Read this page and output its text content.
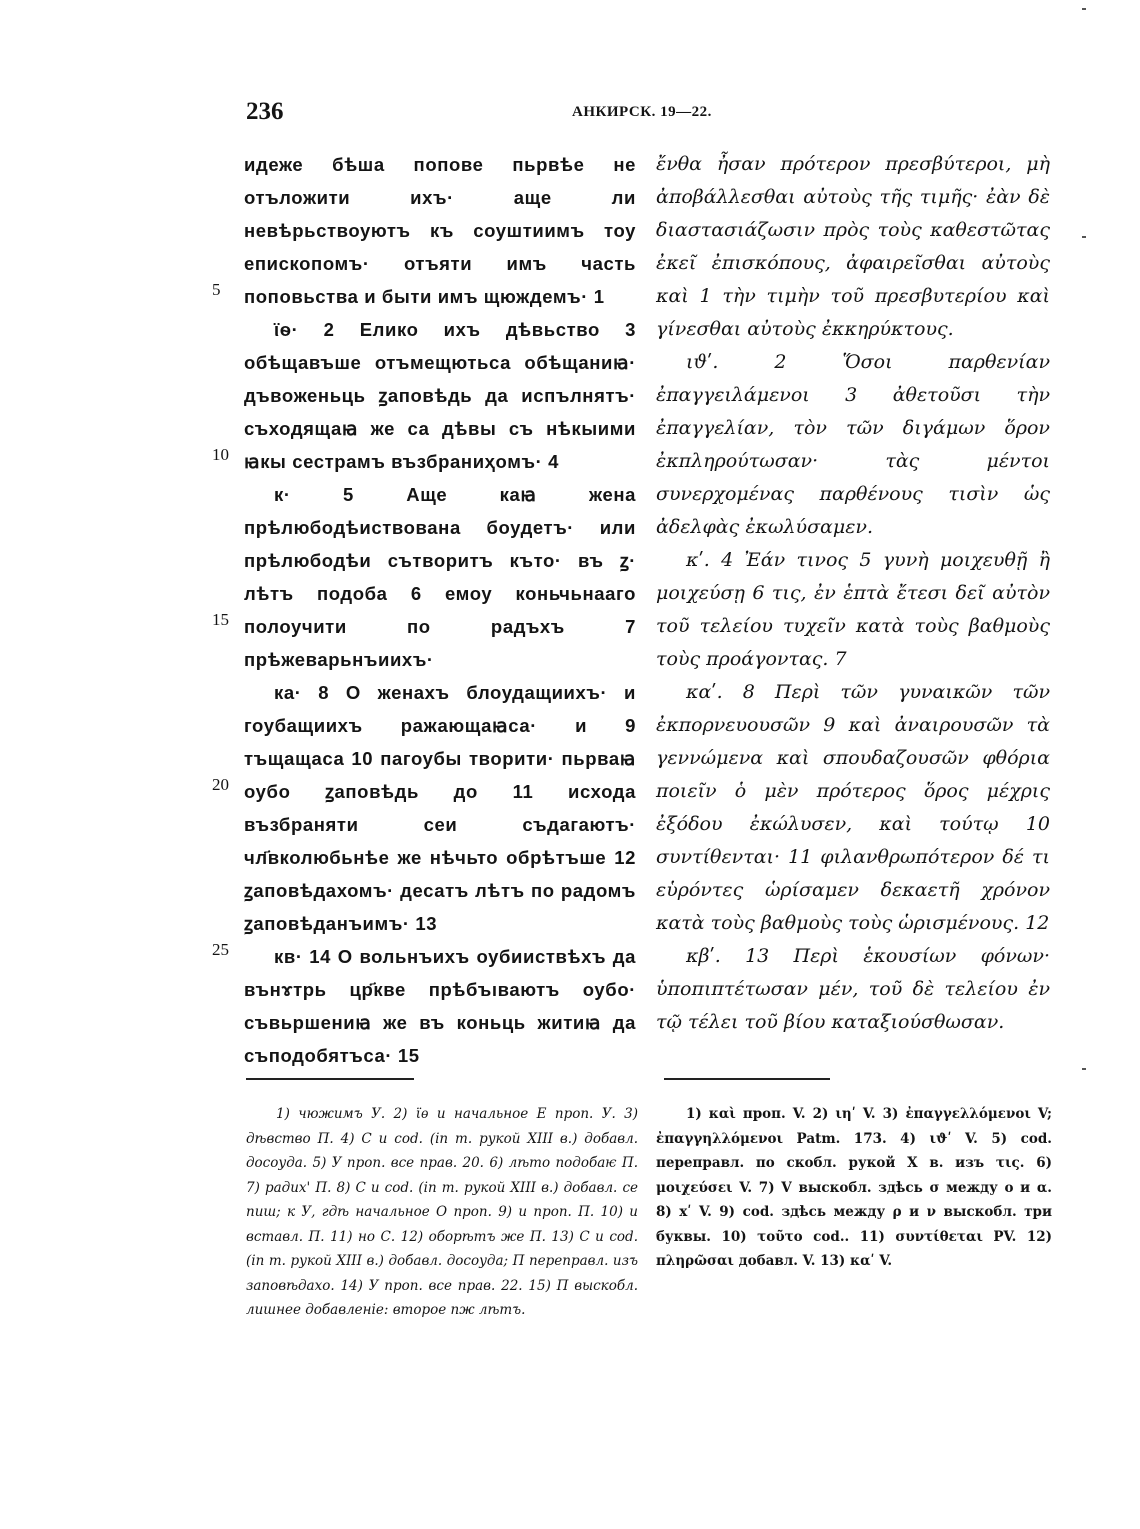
236	АНКИРСК. 19—22.
5
10
15
20
25

идеже бѣша попове пьрвѣе не отъложити ихъ· аще ли невѣрьствоуютъ къ соуштиимъ тоу епиcкопомъ· отъяти имъ часть поповьства и быти имъ щюждемъ· 1

ϊѳ· 2 Елико ихъ дѣвьство 3 обѣщавъше отъмещютьса обѣщаниꙗ· дъвоженьць ꙁаповѣдь да испълнятъ· съходящаꙗ же са дѣвы съ нѣкыими ꙗкы сестрамъ възбраниҳомъ· 4

к· 5 Аще каꙗ жена прѣлюбодѣиствована боудетъ· или прѣлюбодѣи сътворитъ къто· въ ꙁ· лѣтъ подоба 6 емоу коньчьнааго полоучити по радъхъ 7 прѣжеварьнъиихъ·

ка· 8 О женахъ блоудащиихъ· и гоубащиихъ ражающаꙗса· и 9 тъщащаса 10 пагоубы творити· пьрваꙗ оубо ꙁаповѣдь до 11 исхода възбраняти сеи съдагаютъ· чл҃вколюбьнѣе же нѣчьто обрѣтъше 12 ꙁаповѣдахомъ· десатъ лѣтъ по радомъ ꙁаповѣданъимъ· 13

кв· 14 О вольнъихъ оубииствѣхъ да вънɤтрь цр҃кве прѣбъıваютъ оубо· съвьршениꙗ же въ коньць житиꙗ да съподобятъса· 15

ἔνθα ἦσαν πρότερον πρεσβύτεροι, μὴ ἀποβάλλεσθαι αὐτοὺς τῆς τιμῆς· ἐὰν δὲ διαστασιάζωσιν πρὸς τοὺς καθεστῶτας ἐκεῖ ἐπισκόπους, ἀφαιρεῖσθαι αὐτοὺς καὶ 1 τὴν τιμὴν τοῦ πρεσβυτερίου καὶ γίνεσθαι αὐτοὺς ἐκκηρύκτους.

ιϑʹ. 2 Ὅσοι παρθενίαν ἐπαγγειλάμενοι 3 ἀθετοῦσι τὴν ἐπαγγελίαν, τὸν τῶν διγάμων ὅρον ἐκπληρούτωσαν· τὰς μέντοι συνερχομένας παρθένους τισὶν ὡς ἀδελφὰς ἐκωλύσαμεν.

κʹ. 4 Ἐάν τινος 5 γυνὴ μοιχευθῇ ἢ μοιχεύσῃ 6 τις, ἐν ἑπτὰ ἔτεσι δεῖ αὐτὸν τοῦ τελείου τυχεῖν κατὰ τοὺς βαθμοὺς τοὺς προάγοντας. 7

καʹ. 8 Περὶ τῶν γυναικῶν τῶν ἐκπορνευουσῶν 9 καὶ ἀναιρουσῶν τὰ γεννώμενα καὶ σπουδαζουσῶν φθόρια ποιεῖν ὁ μὲν πρότερος ὅρος μέχρις ἐξόδου ἐκώλυσεν, καὶ τούτῳ 10 συντίθενται· 11 φιλανθρωπότερον δέ τι εὑρόντες ὡρίσαμεν δεκαετῆ χρόνον κατὰ τοὺς βαθμοὺς τοὺς ὡρισμένους. 12

κβʹ. 13 Περὶ ἑκουσίων φόνων· ὑποπιπτέτωσαν μέν, τοῦ δὲ τελείου ἐν τῷ τέλει τοῦ βίου καταξιούσθωσαν.

1) чюжимъ У. 2) ϊѳ и начальное Е проп. У. 3) дѣвство П. 4) С и cod. (in m. рукой XIII в.) добавл. досоуда. 5) У проп. все прав. 20. 6) лѣто подобаѥ П. 7) радих' П. 8) С и cod. (in m. рукой XIII в.) добавл. се пиш; к У, гдѣ начальное О проп. 9) и проп. П. 10) и вставл. П. 11) но С. 12) оборѣтъ же П. 13) С и cod. (in m. рукой XIII в.) добавл. досоуда; П переправл. изъ заповѣдахо. 14) У проп. все прав. 22. 15) П выскобл. лишнее добавленiе: второе пж лѣтъ.

1) καὶ проп. V. 2) ιηʹ V. 3) ἐπαγγελλόμενοι V; ἐπαγγηλλόμενοι Patm. 173. 4) ιϑʹ V. 5) cod. переправл. по скобл. рукой X в. изъ τις. 6) μοιχεύσει V. 7) V выскобл. здѣсь σ между ο и α. 8) xʹ V. 9) cod. здѣсь между ρ и ν выскобл. три буквы. 10) τοῦτο cod.. 11) συντίθεται PV. 12) πληρῶσαι добавл. V. 13) καʹ V.
